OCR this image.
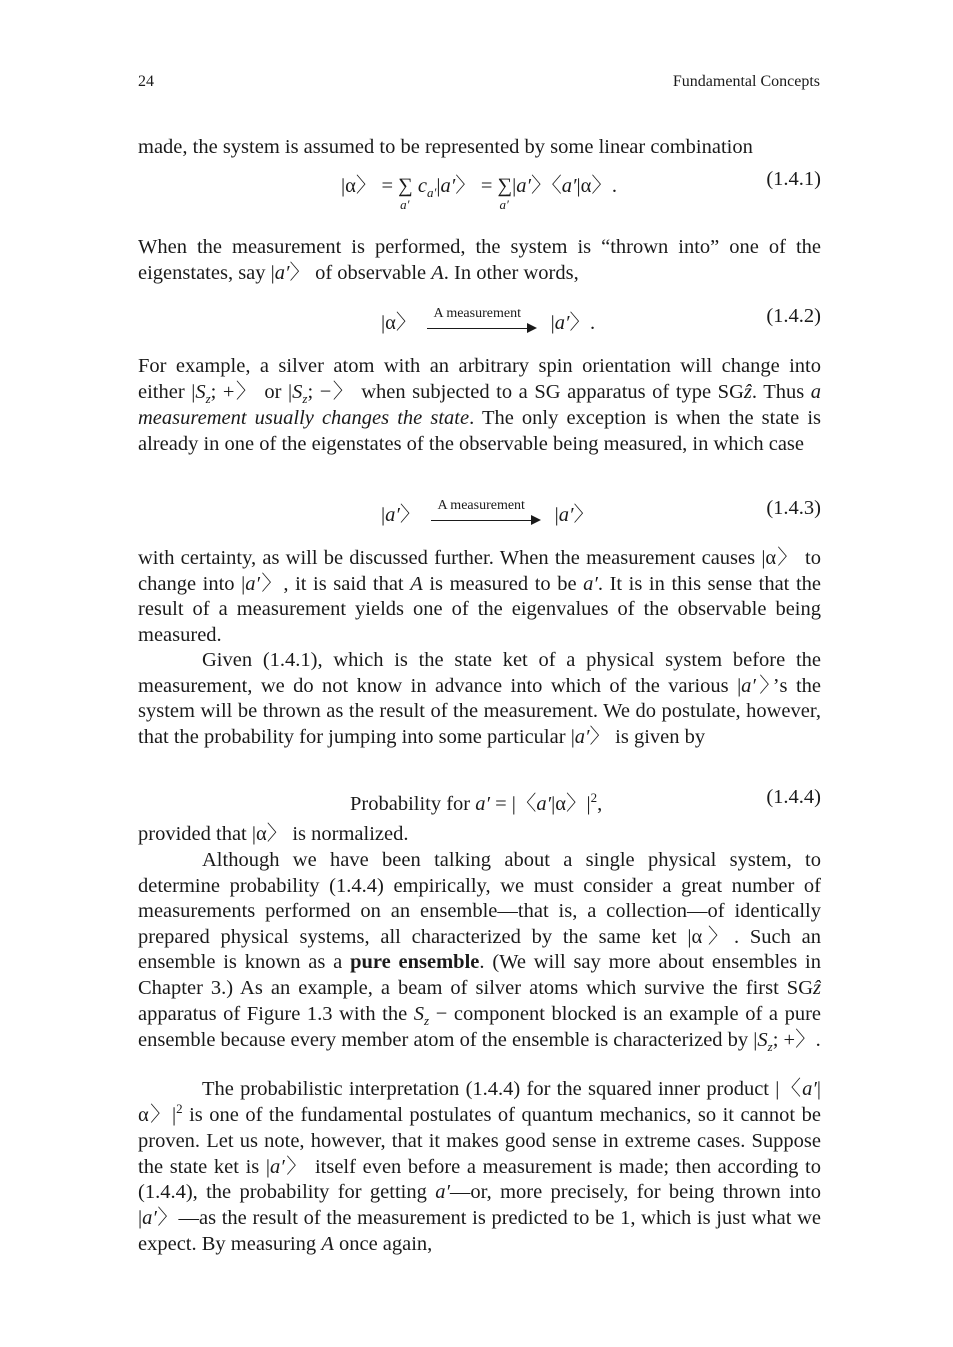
24	Fundamental Concepts

made, the system is assumed to be represented by some linear combination

|α〉 = ∑
a′
$c_{a'}|a'$〉 = ∑
a′
|a′〉〈a′|α〉.	(1.4.1)

When the measurement is performed, the system is “thrown into” one of the eigenstates, say |a′〉 of observable A. In other words,

|α〉 A measurement |a′〉.	(1.4.2)

For example, a silver atom with an arbitrary spin orientation will change into either $|S_z$; +〉 or $|S_z$; −〉 when subjected to a SG apparatus of type SGẑ. Thus a measurement usually changes the state. The only exception is when the state is already in one of the eigenstates of the observable being measured, in which case

|a′〉 A measurement |a′〉	(1.4.3)

with certainty, as will be discussed further. When the measurement causes |α〉 to change into |a′〉, it is said that A is measured to be a′. It is in this sense that the result of a measurement yields one of the eigenvalues of the observable being measured.

Given (1.4.1), which is the state ket of a physical system before the measurement, we do not know in advance into which of the various |a′〉’s the system will be thrown as the result of the measurement. We do postulate, however, that the probability for jumping into some particular |a′〉 is given by

Probability for a′ = |〈a′|α〉$|^2$,	(1.4.4)

provided that |α〉 is normalized.

Although we have been talking about a single physical system, to determine probability (1.4.4) empirically, we must consider a great number of measurements performed on an ensemble—that is, a collection—of identically prepared physical systems, all characterized by the same ket |α〉. Such an ensemble is known as a pure ensemble. (We will say more about ensembles in Chapter 3.) As an example, a beam of silver atoms which survive the first SGẑ apparatus of Figure 1.3 with the $S_z$ − component blocked is an example of a pure ensemble because every member atom of the ensemble is characterized by $|S_z$; +〉.

The probabilistic interpretation (1.4.4) for the squared inner product |〈a′|α〉$|^2$ is one of the fundamental postulates of quantum mechanics, so it cannot be proven. Let us note, however, that it makes good sense in extreme cases. Suppose the state ket is |a′〉 itself even before a measurement is made; then according to (1.4.4), the probability for getting a′—or, more precisely, for being thrown into |a′〉—as the result of the measurement is predicted to be 1, which is just what we expect. By measuring A once again,
